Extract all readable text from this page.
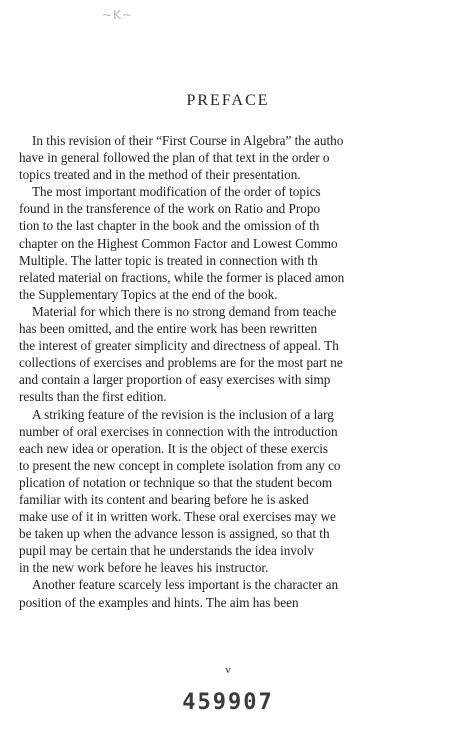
~K~
PREFACE
In this revision of their “First Course in Algebra” the autho
have in general followed the plan of that text in the order o
topics treated and in the method of their presentation.
The most important modification of the order of topics
found in the transference of the work on Ratio and Propo
tion to the last chapter in the book and the omission of th
chapter on the Highest Common Factor and Lowest Commo
Multiple. The latter topic is treated in connection with th
related material on fractions, while the former is placed amon
the Supplementary Topics at the end of the book.
Material for which there is no strong demand from teache
has been omitted, and the entire work has been rewritten
the interest of greater simplicity and directness of appeal. Th
collections of exercises and problems are for the most part ne
and contain a larger proportion of easy exercises with simp
results than the first edition.
A striking feature of the revision is the inclusion of a larg
number of oral exercises in connection with the introduction
each new idea or operation. It is the object of these exercis
to present the new concept in complete isolation from any co
plication of notation or technique so that the student becom
familiar with its content and bearing before he is asked
make use of it in written work. These oral exercises may we
be taken up when the advance lesson is assigned, so that th
pupil may be certain that he understands the idea involv
in the new work before he leaves his instructor.
Another feature scarcely less important is the character an
position of the examples and hints. The aim has been
v
459907
